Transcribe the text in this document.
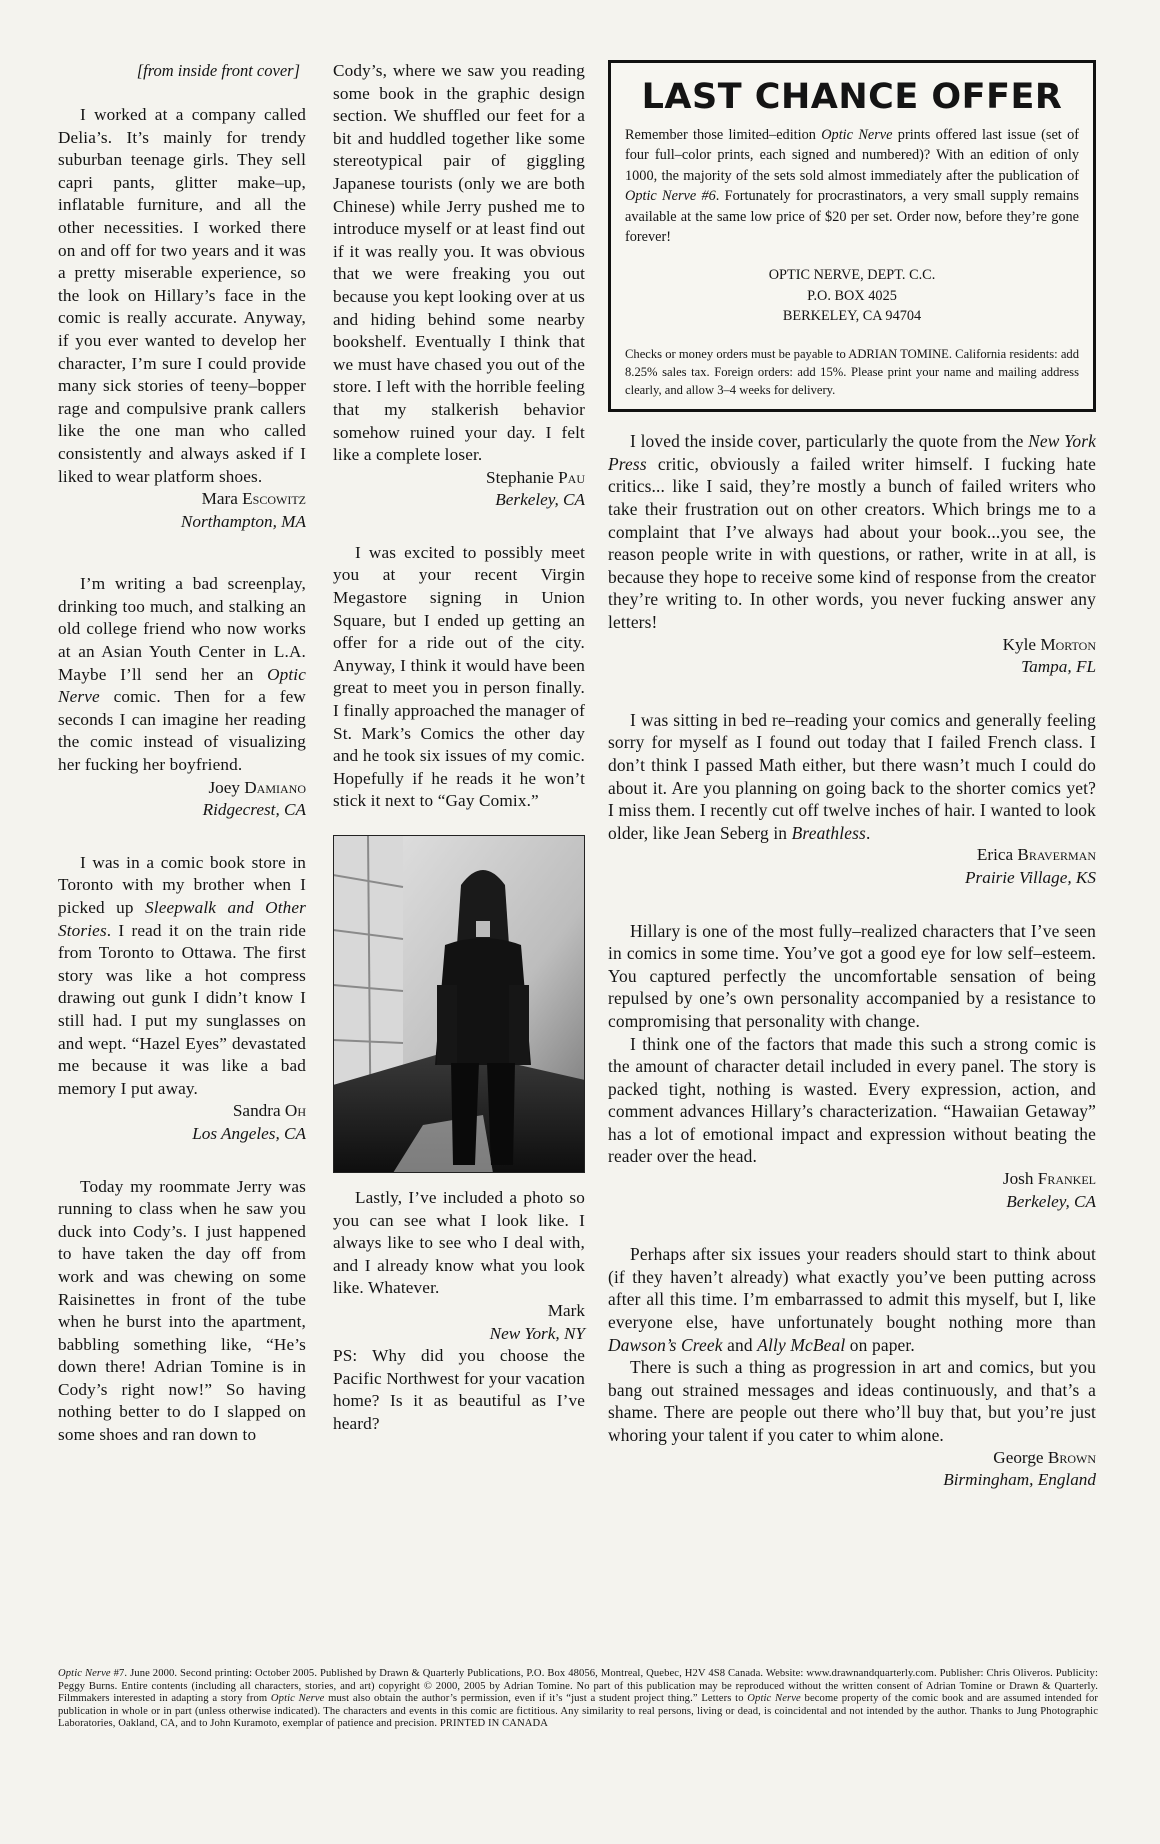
[from inside front cover]

I worked at a company called Delia’s. It’s mainly for trendy suburban teenage girls. They sell capri pants, glitter make–up, inflatable furniture, and all the other necessities. I worked there on and off for two years and it was a pretty miserable experience, so the look on Hillary’s face in the comic is really accurate. Anyway, if you ever wanted to develop her character, I’m sure I could provide many sick stories of teeny–bopper rage and compulsive prank callers like the one man who called consistently and always asked if I liked to wear platform shoes.

Mara Escowitz
Northampton, MA

I’m writing a bad screenplay, drinking too much, and stalking an old college friend who now works at an Asian Youth Center in L.A. Maybe I’ll send her an Optic Nerve comic. Then for a few seconds I can imagine her reading the comic instead of visualizing her fucking her boyfriend.

Joey Damiano
Ridgecrest, CA

I was in a comic book store in Toronto with my brother when I picked up Sleepwalk and Other Stories. I read it on the train ride from Toronto to Ottawa. The first story was like a hot compress drawing out gunk I didn’t know I still had. I put my sunglasses on and wept. “Hazel Eyes” devastated me because it was like a bad memory I put away.

Sandra Oh
Los Angeles, CA

Today my roommate Jerry was running to class when he saw you duck into Cody’s. I just happened to have taken the day off from work and was chewing on some Raisinettes in front of the tube when he burst into the apartment, babbling something like, “He’s down there! Adrian Tomine is in Cody’s right now!” So having nothing better to do I slapped on some shoes and ran down to

Cody’s, where we saw you reading some book in the graphic design section. We shuffled our feet for a bit and huddled together like some stereotypical pair of giggling Japanese tourists (only we are both Chinese) while Jerry pushed me to introduce myself or at least find out if it was really you. It was obvious that we were freaking you out because you kept looking over at us and hiding behind some nearby bookshelf. Eventually I think that we must have chased you out of the store. I left with the horrible feeling that my stalkerish behavior somehow ruined your day. I felt like a complete loser.

Stephanie Pau
Berkeley, CA

I was excited to possibly meet you at your recent Virgin Megastore signing in Union Square, but I ended up getting an offer for a ride out of the city. Anyway, I think it would have been great to meet you in person finally. I finally approached the manager of St. Mark’s Comics the other day and he took six issues of my comic. Hopefully if he reads it he won’t stick it next to “Gay Comix.”

Lastly, I’ve included a photo so you can see what I look like. I always like to see who I deal with, and I already know what you look like. Whatever.

Mark
New York, NY

PS: Why did you choose the Pacific Northwest for your vacation home? Is it as beautiful as I’ve heard?

LAST CHANCE OFFER

Remember those limited–edition Optic Nerve prints offered last issue (set of four full–color prints, each signed and numbered)? With an edition of only 1000, the majority of the sets sold almost immediately after the publication of Optic Nerve #6. Fortunately for procrastinators, a very small supply remains available at the same low price of $20 per set. Order now, before they’re gone forever!

OPTIC NERVE, DEPT. C.C.
P.O. BOX 4025
BERKELEY, CA 94704

Checks or money orders must be payable to ADRIAN TOMINE. California residents: add 8.25% sales tax. Foreign orders: add 15%. Please print your name and mailing address clearly, and allow 3–4 weeks for delivery.

I loved the inside cover, particularly the quote from the New York Press critic, obviously a failed writer himself. I fucking hate critics... like I said, they’re mostly a bunch of failed writers who take their frustration out on other creators. Which brings me to a complaint that I’ve always had about your book...you see, the reason people write in with questions, or rather, write in at all, is because they hope to receive some kind of response from the creator they’re writing to. In other words, you never fucking answer any letters!

Kyle Morton
Tampa, FL

I was sitting in bed re–reading your comics and generally feeling sorry for myself as I found out today that I failed French class. I don’t think I passed Math either, but there wasn’t much I could do about it. Are you planning on going back to the shorter comics yet? I miss them. I recently cut off twelve inches of hair. I wanted to look older, like Jean Seberg in Breathless.

Erica Braverman
Prairie Village, KS

Hillary is one of the most fully–realized characters that I’ve seen in comics in some time. You’ve got a good eye for low self–esteem. You captured perfectly the uncomfortable sensation of being repulsed by one’s own personality accompanied by a resistance to compromising that personality with change.

I think one of the factors that made this such a strong comic is the amount of character detail included in every panel. The story is packed tight, nothing is wasted. Every expression, action, and comment advances Hillary’s characterization. “Hawaiian Getaway” has a lot of emotional impact and expression without beating the reader over the head.

Josh Frankel
Berkeley, CA

Perhaps after six issues your readers should start to think about (if they haven’t already) what exactly you’ve been putting across after all this time. I’m embarrassed to admit this myself, but I, like everyone else, have unfortunately bought nothing more than Dawson’s Creek and Ally McBeal on paper.

There is such a thing as progression in art and comics, but you bang out strained messages and ideas continuously, and that’s a shame. There are people out there who’ll buy that, but you’re just whoring your talent if you cater to whim alone.

George Brown
Birmingham, England
Optic Nerve #7. June 2000. Second printing: October 2005. Published by Drawn & Quarterly Publications, P.O. Box 48056, Montreal, Quebec, H2V 4S8 Canada. Website: www.drawnandquarterly.com. Publisher: Chris Oliveros. Publicity: Peggy Burns. Entire contents (including all characters, stories, and art) copyright © 2000, 2005 by Adrian Tomine. No part of this publication may be reproduced without the written consent of Adrian Tomine or Drawn & Quarterly. Filmmakers interested in adapting a story from Optic Nerve must also obtain the author’s permission, even if it’s “just a student project thing.” Letters to Optic Nerve become property of the comic book and are assumed intended for publication in whole or in part (unless otherwise indicated). The characters and events in this comic are fictitious. Any similarity to real persons, living or dead, is coincidental and not intended by the author. Thanks to Jung Photographic Laboratories, Oakland, CA, and to John Kuramoto, exemplar of patience and precision. PRINTED IN CANADA
